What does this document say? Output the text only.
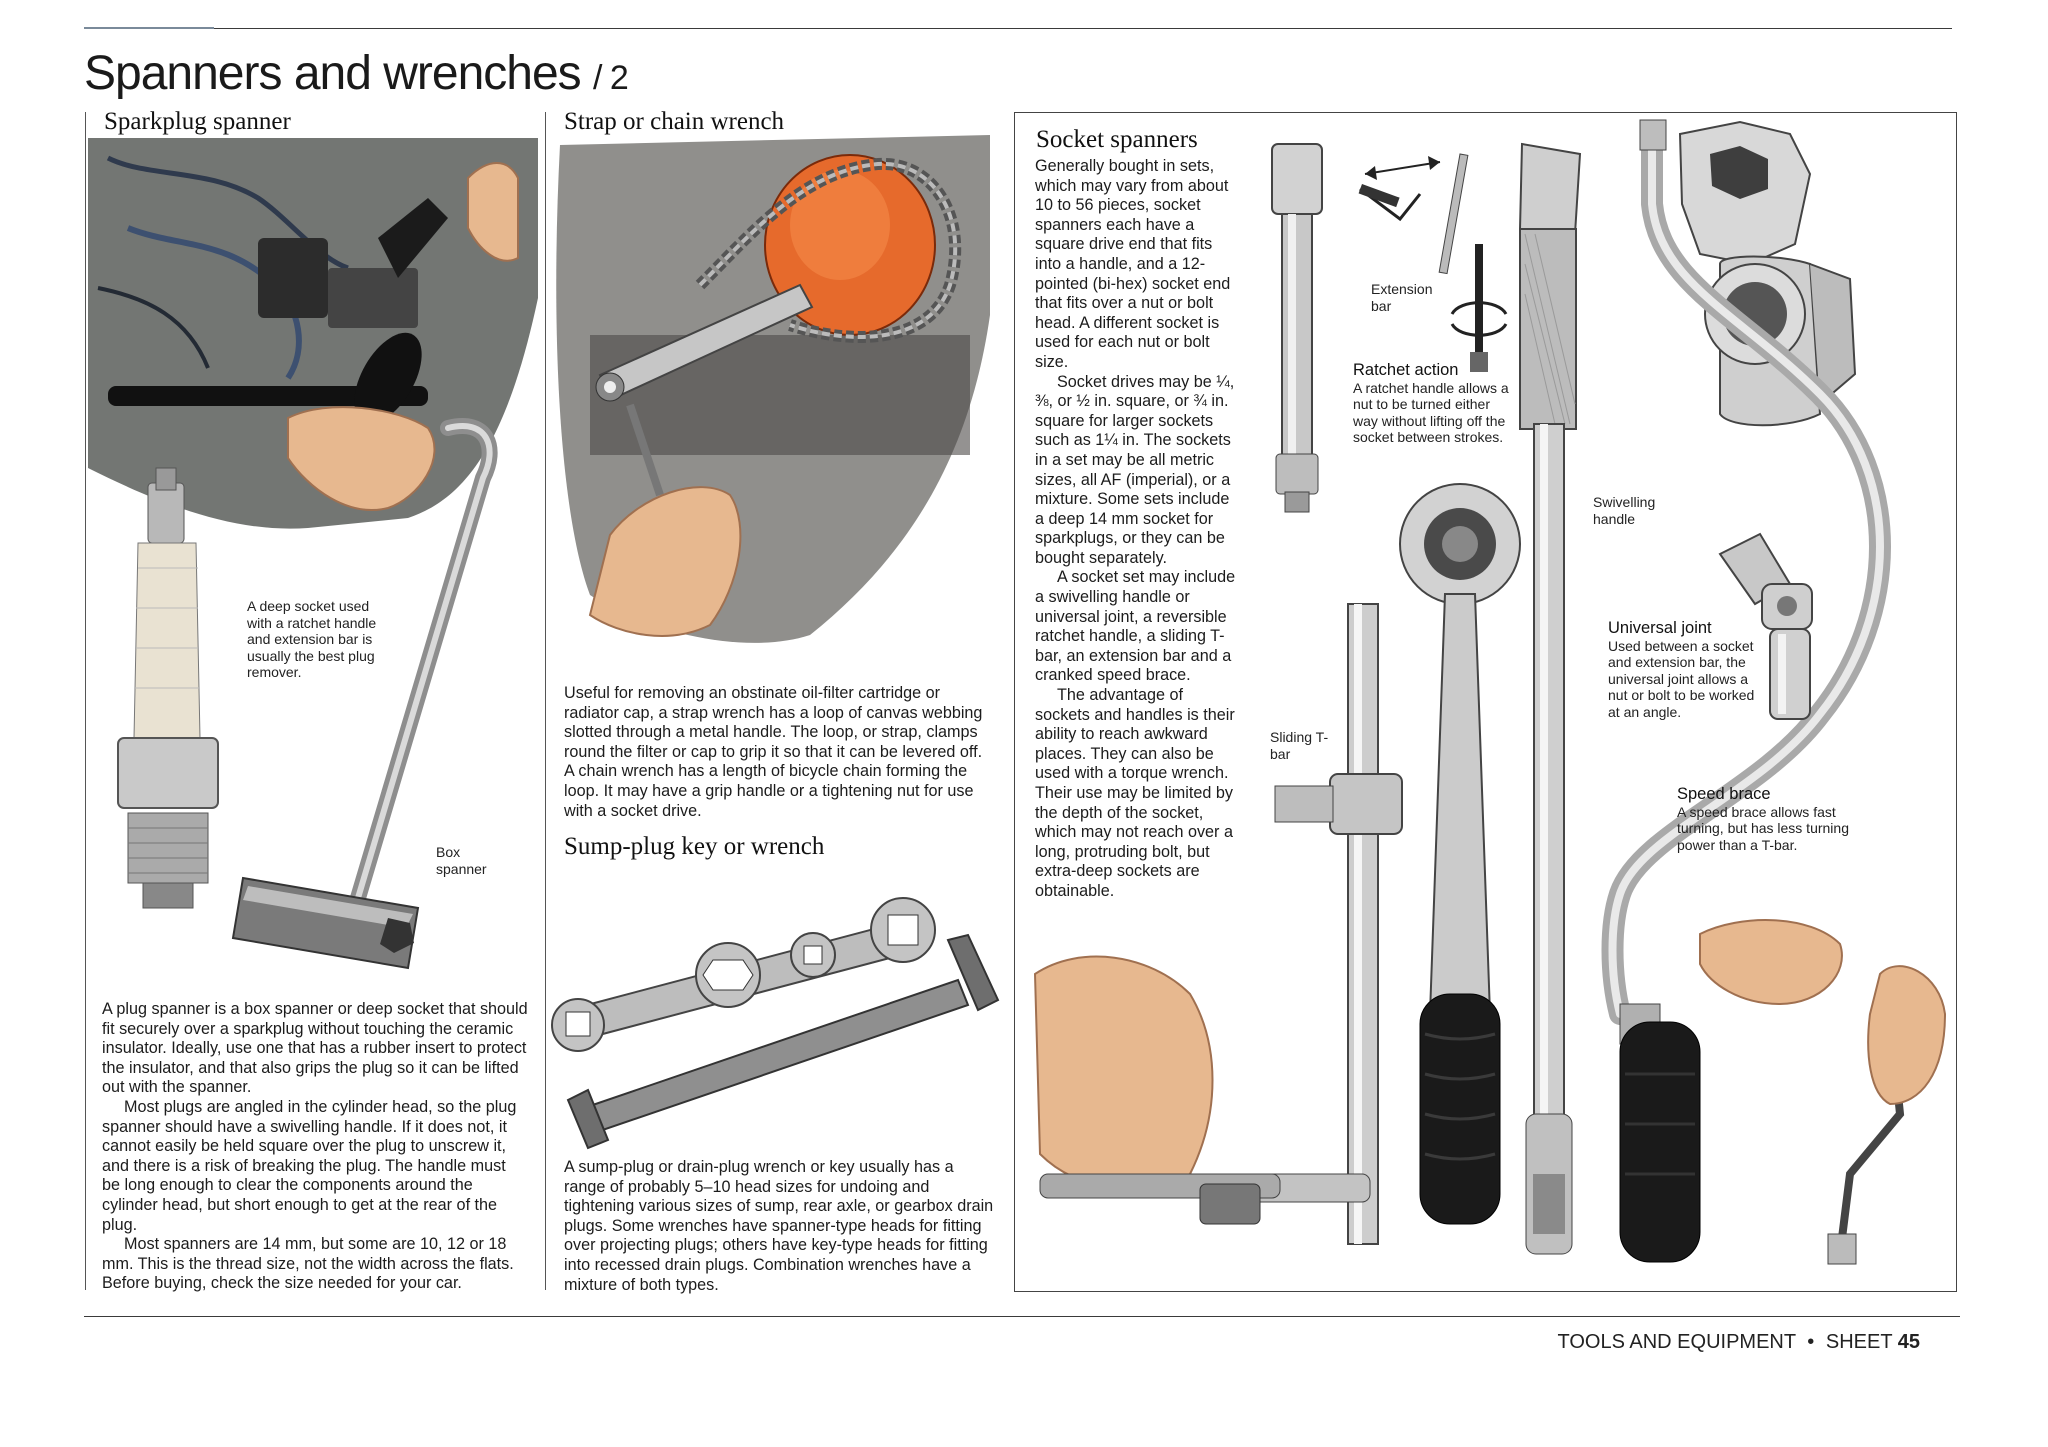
Spanners and wrenches / 2
Sparkplug spanner
A deep socket used with a ratchet handle and extension bar is usually the best plug remover.
Box spanner

A plug spanner is a box spanner or deep socket that should fit securely over a sparkplug without touching the ceramic insulator. Ideally, use one that has a rubber insert to protect the insulator, and that also grips the plug so it can be lifted out with the spanner.

Most plugs are angled in the cylinder head, so the plug spanner should have a swivelling handle. If it does not, it cannot easily be held square over the plug to unscrew it, and there is a risk of breaking the plug. The handle must be long enough to clear the components around the cylinder head, but short enough to get at the rear of the plug.

Most spanners are 14 mm, but some are 10, 12 or 18 mm. This is the thread size, not the width across the flats. Before buying, check the size needed for your car.

Strap or chain wrench
Useful for removing an obstinate oil-filter cartridge or radiator cap, a strap wrench has a loop of canvas webbing slotted through a metal handle. The loop, or strap, clamps round the filter or cap to grip it so that it can be levered off. A chain wrench has a length of bicycle chain forming the loop. It may have a grip handle or a tightening nut for use with a socket drive.
Sump-plug key or wrench
A sump-plug or drain-plug wrench or key usually has a range of probably 5–10 head sizes for undoing and tightening various sizes of sump, rear axle, or gearbox drain plugs. Some wrenches have spanner-type heads for fitting over projecting plugs; others have key-type heads for fitting into recessed drain plugs. Combination wrenches have a mixture of both types.
Socket spanners

Generally bought in sets, which may vary from about 10 to 56 pieces, socket spanners each have a square drive end that fits into a handle, and a 12-pointed (bi-hex) socket end that fits over a nut or bolt head. A different socket is used for each nut or bolt size.

Socket drives may be ¼, ⅜, or ½ in. square, or ¾ in. square for larger sockets such as 1¼ in. The sockets in a set may be all metric sizes, all AF (imperial), or a mixture. Some sets include a deep 14 mm socket for sparkplugs, or they can be bought separately.

A socket set may include a swivelling handle or universal joint, a reversible ratchet handle, a sliding T-bar, an extension bar and a cranked speed brace.

The advantage of sockets and handles is their ability to reach awkward places. They can also be used with a torque wrench. Their use may be limited by the depth of the socket, which may not reach over a long, protruding bolt, but extra-deep sockets are obtainable.

Extension bar
Ratchet action
A ratchet handle allows a nut to be turned either way without lifting off the socket between strokes.
Swivelling handle
Universal joint
Used between a socket and extension bar, the universal joint allows a nut or bolt to be worked at an angle.
Sliding T-bar
Speed brace
A speed brace allows fast turning, but has less turning power than a T-bar.
TOOLS AND EQUIPMENT • SHEET 45
